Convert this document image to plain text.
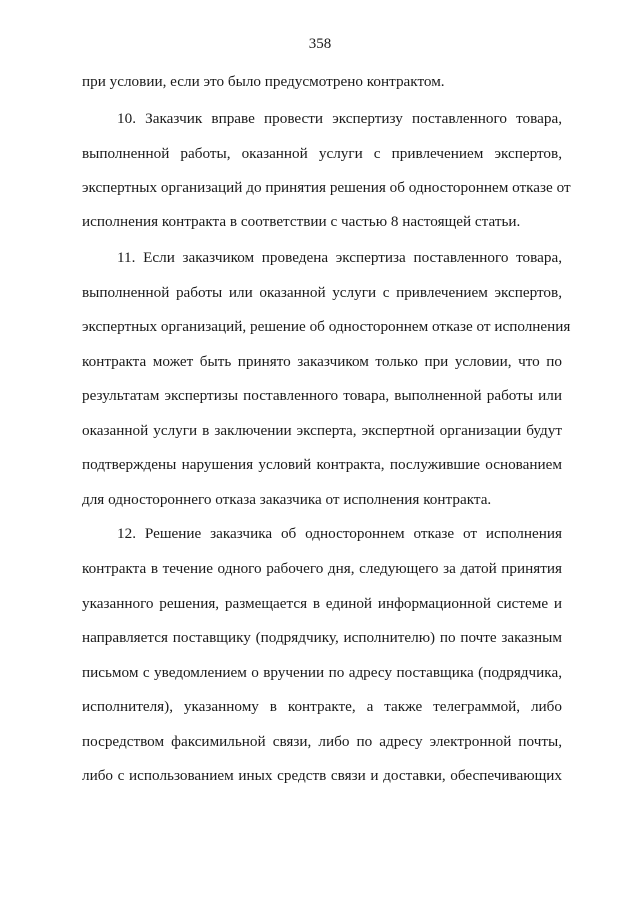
358
при условии, если это было предусмотрено контрактом.
10. Заказчик вправе провести экспертизу поставленного товара,
выполненной работы, оказанной услуги с привлечением экспертов,
экспертных организаций до принятия решения об одностороннем отказе от
исполнения контракта в соответствии с частью 8 настоящей статьи.
11. Если заказчиком проведена экспертиза поставленного товара,
выполненной работы или оказанной услуги с привлечением экспертов,
экспертных организаций, решение об одностороннем отказе от исполнения
контракта может быть принято заказчиком только при условии, что по
результатам экспертизы поставленного товара, выполненной работы или
оказанной услуги в заключении эксперта, экспертной организации будут
подтверждены нарушения условий контракта, послужившие основанием
для одностороннего отказа заказчика от исполнения контракта.
12. Решение заказчика об одностороннем отказе от исполнения
контракта в течение одного рабочего дня, следующего за датой принятия
указанного решения, размещается в единой информационной системе и
направляется поставщику (подрядчику, исполнителю) по почте заказным
письмом с уведомлением о вручении по адресу поставщика (подрядчика,
исполнителя), указанному в контракте, а также телеграммой, либо
посредством факсимильной связи, либо по адресу электронной почты,
либо с использованием иных средств связи и доставки, обеспечивающих
